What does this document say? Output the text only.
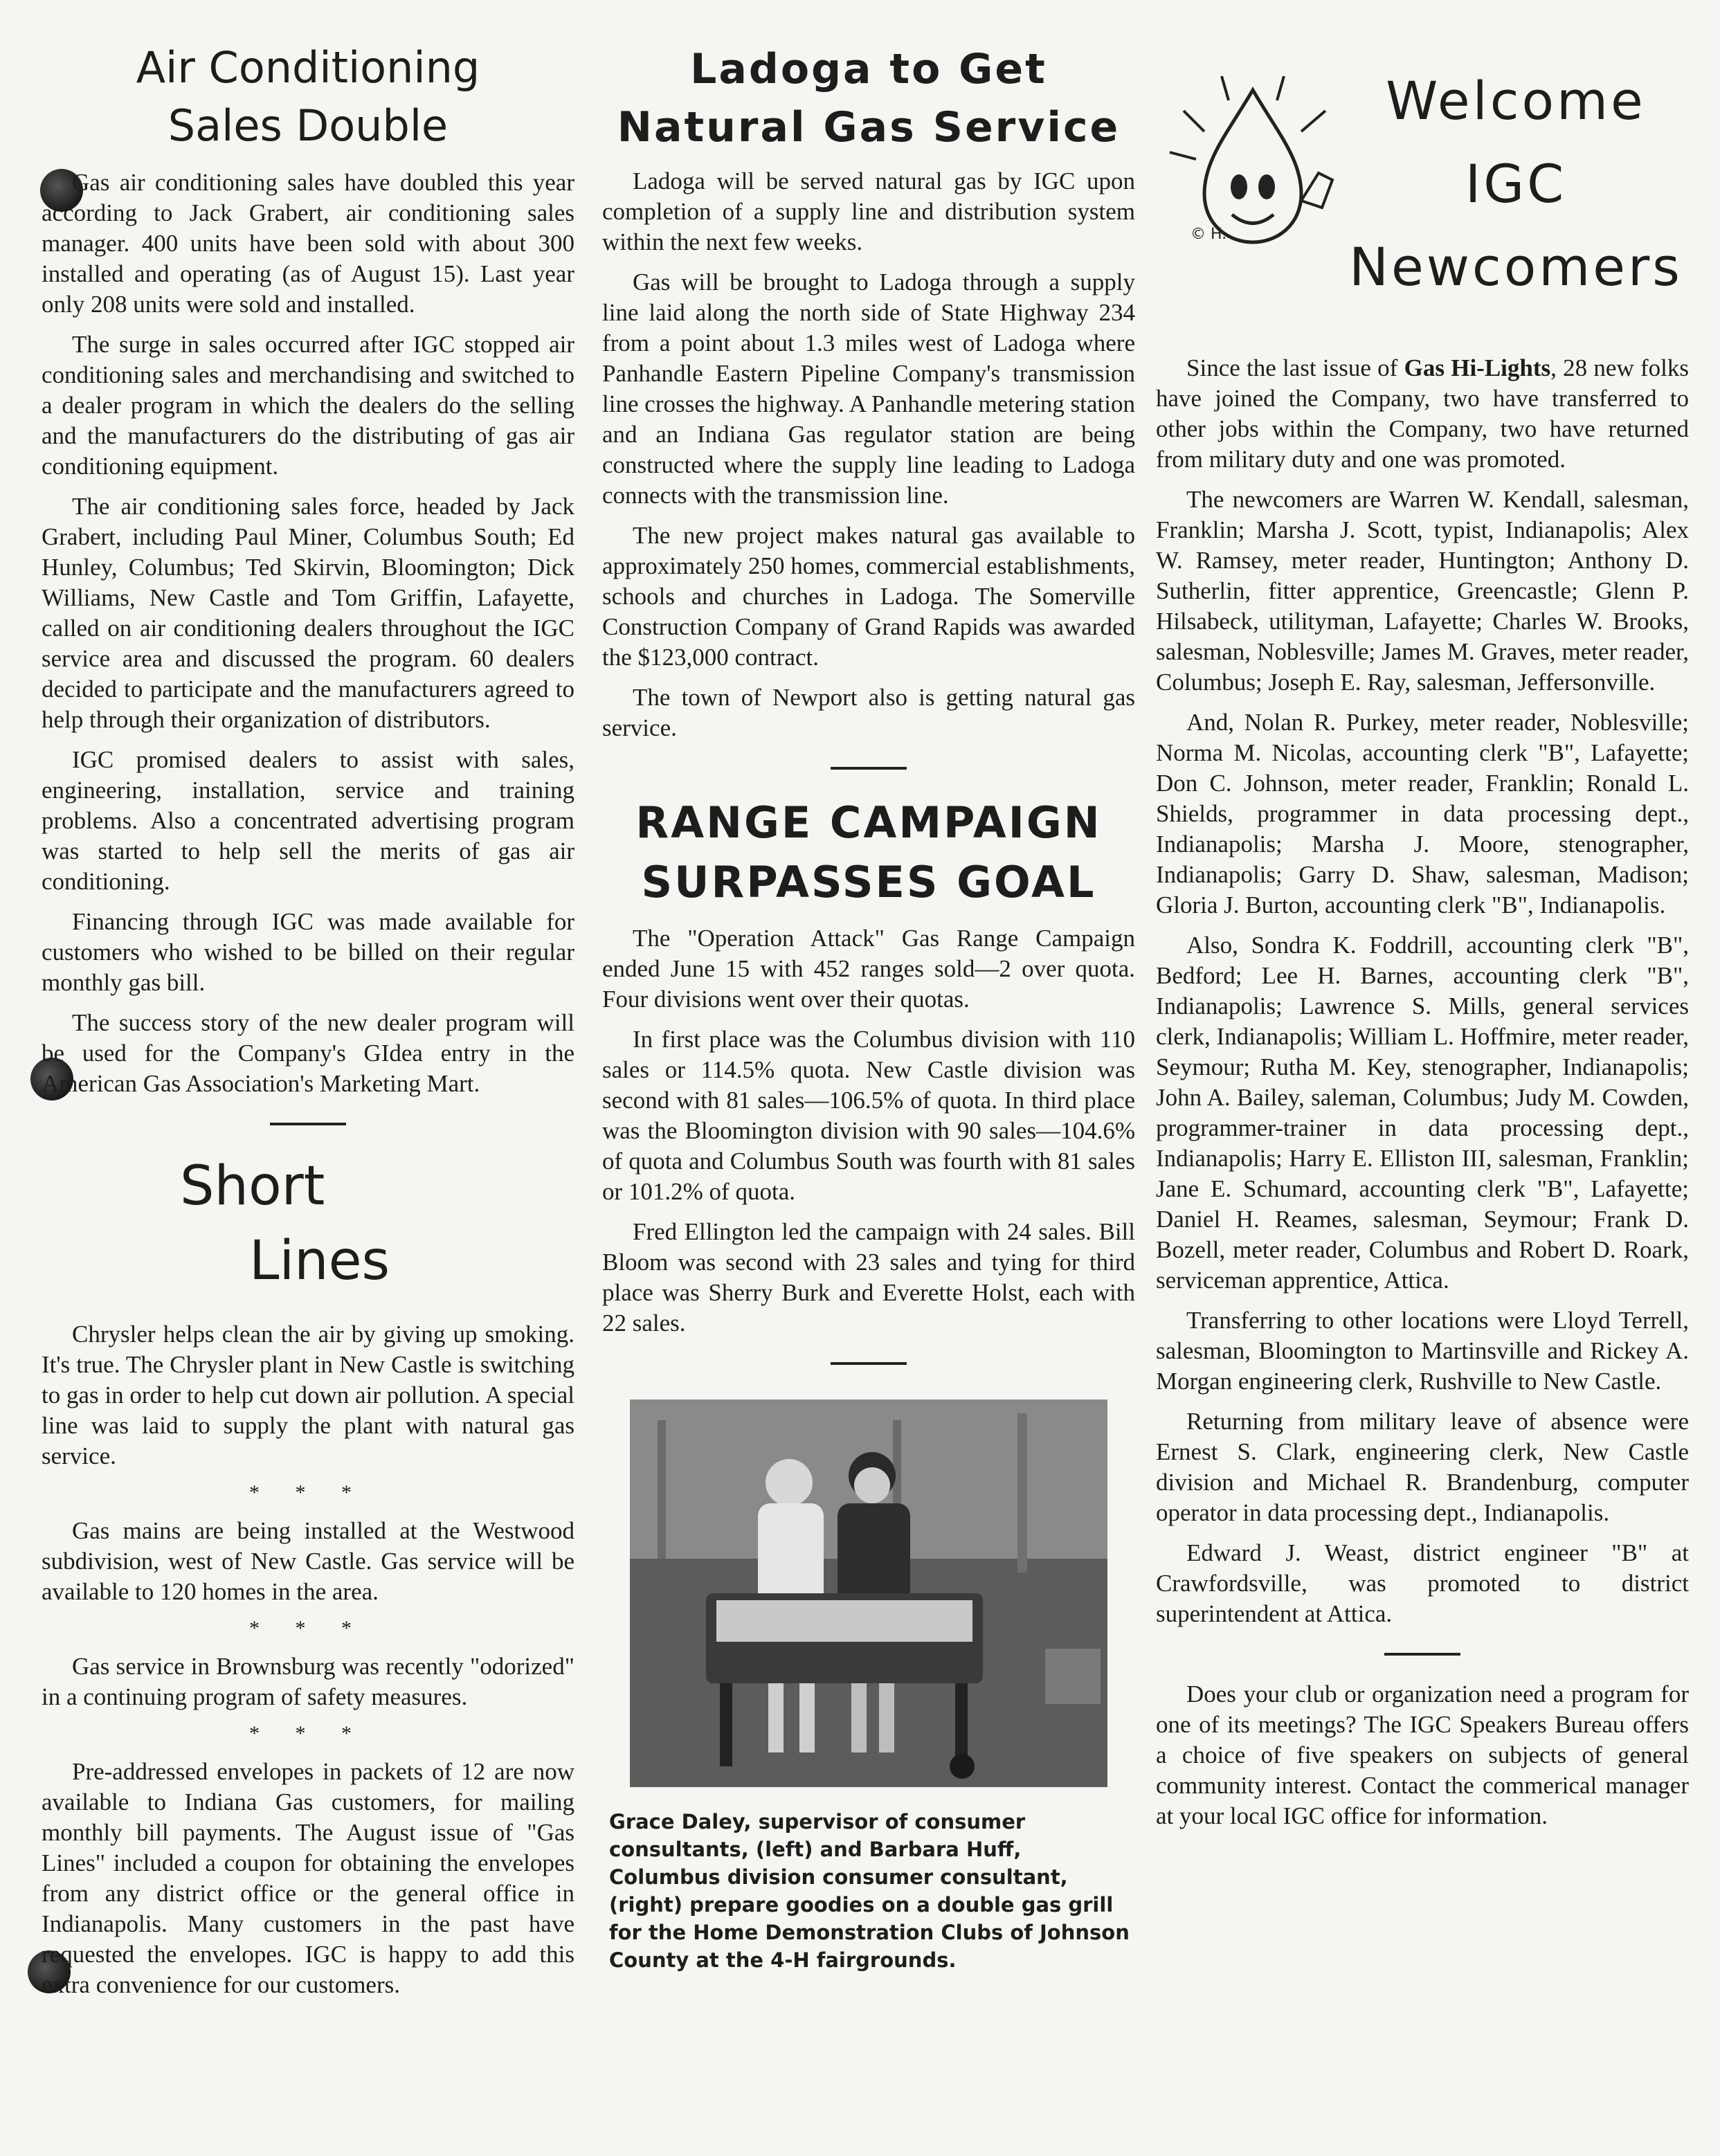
Air Conditioning
Sales Double

Gas air conditioning sales have doubled this year according to Jack Grabert, air conditioning sales manager. 400 units have been sold with about 300 installed and operating (as of August 15). Last year only 208 units were sold and installed.

The surge in sales occurred after IGC stopped air conditioning sales and merchandising and switched to a dealer program in which the dealers do the selling and the manufacturers do the distributing of gas air conditioning equipment.

The air conditioning sales force, headed by Jack Grabert, including Paul Miner, Columbus South; Ed Hunley, Columbus; Ted Skirvin, Bloomington; Dick Williams, New Castle and Tom Griffin, Lafayette, called on air conditioning dealers throughout the IGC service area and discussed the program. 60 dealers decided to participate and the manufacturers agreed to help through their organization of distributors.

IGC promised dealers to assist with sales, engineering, installation, service and training problems. Also a concentrated advertising program was started to help sell the merits of gas air conditioning.

Financing through IGC was made available for customers who wished to be billed on their regular monthly gas bill.

The success story of the new dealer program will be used for the Company's GIdea entry in the American Gas Association's Marketing Mart.

Short
Lines

Chrysler helps clean the air by giving up smoking. It's true. The Chrysler plant in New Castle is switching to gas in order to help cut down air pollution. A special line was laid to supply the plant with natural gas service.

* * *

Gas mains are being installed at the Westwood subdivision, west of New Castle. Gas service will be available to 120 homes in the area.

* * *

Gas service in Brownsburg was recently "odorized" in a continuing program of safety measures.

* * *

Pre-addressed envelopes in packets of 12 are now available to Indiana Gas customers, for mailing monthly bill payments. The August issue of "Gas Lines" included a coupon for obtaining the envelopes from any district office or the general office in Indianapolis. Many customers in the past have requested the envelopes. IGC is happy to add this extra convenience for our customers.

Ladoga to Get
Natural Gas Service

Ladoga will be served natural gas by IGC upon completion of a supply line and distribution system within the next few weeks.

Gas will be brought to Ladoga through a supply line laid along the north side of State Highway 234 from a point about 1.3 miles west of Ladoga where Panhandle Eastern Pipeline Company's transmission line crosses the highway. A Panhandle metering station and an Indiana Gas regulator station are being constructed where the supply line leading to Ladoga connects with the transmission line.

The new project makes natural gas available to approximately 250 homes, commercial establishments, schools and churches in Ladoga. The Somerville Construction Company of Grand Rapids was awarded the $123,000 contract.

The town of Newport also is getting natural gas service.

RANGE CAMPAIGN
SURPASSES GOAL

The "Operation Attack" Gas Range Campaign ended June 15 with 452 ranges sold—2 over quota. Four divisions went over their quotas.

In first place was the Columbus division with 110 sales or 114.5% quota. New Castle division was second with 81 sales—106.5% of quota. In third place was the Bloomington division with 90 sales—104.6% of quota and Columbus South was fourth with 81 sales or 101.2% of quota.

Fred Ellington led the campaign with 24 sales. Bill Bloom was second with 23 sales and tying for third place was Sherry Burk and Everette Holst, each with 22 sales.

Grace Daley, supervisor of consumer consultants, (left) and Barbara Huff, Columbus division consumer consultant, (right) prepare goodies on a double gas grill for the Home Demonstration Clubs of Johnson County at the 4-H fairgrounds.

© H.
Welcome
IGC
Newcomers

Since the last issue of Gas Hi-Lights, 28 new folks have joined the Company, two have transferred to other jobs within the Company, two have returned from military duty and one was promoted.

The newcomers are Warren W. Kendall, salesman, Franklin; Marsha J. Scott, typist, Indianapolis; Alex W. Ramsey, meter reader, Huntington; Anthony D. Sutherlin, fitter apprentice, Greencastle; Glenn P. Hilsabeck, utilityman, Lafayette; Charles W. Brooks, salesman, Noblesville; James M. Graves, meter reader, Columbus; Joseph E. Ray, salesman, Jeffersonville.

And, Nolan R. Purkey, meter reader, Noblesville; Norma M. Nicolas, accounting clerk "B", Lafayette; Don C. Johnson, meter reader, Franklin; Ronald L. Shields, programmer in data processing dept., Indianapolis; Marsha J. Moore, stenographer, Indianapolis; Garry D. Shaw, salesman, Madison; Gloria J. Burton, accounting clerk "B", Indianapolis.

Also, Sondra K. Foddrill, accounting clerk "B", Bedford; Lee H. Barnes, accounting clerk "B", Indianapolis; Lawrence S. Mills, general services clerk, Indianapolis; William L. Hoffmire, meter reader, Seymour; Rutha M. Key, stenographer, Indianapolis; John A. Bailey, saleman, Columbus; Judy M. Cowden, programmer-trainer in data processing dept., Indianapolis; Harry E. Elliston III, salesman, Franklin; Jane E. Schumard, accounting clerk "B", Lafayette; Daniel H. Reames, salesman, Seymour; Frank D. Bozell, meter reader, Columbus and Robert D. Roark, serviceman apprentice, Attica.

Transferring to other locations were Lloyd Terrell, salesman, Bloomington to Martinsville and Rickey A. Morgan engineering clerk, Rushville to New Castle.

Returning from military leave of absence were Ernest S. Clark, engineering clerk, New Castle division and Michael R. Brandenburg, computer operator in data processing dept., Indianapolis.

Edward J. Weast, district engineer "B" at Crawfordsville, was promoted to district superintendent at Attica.

Does your club or organization need a program for one of its meetings? The IGC Speakers Bureau offers a choice of five speakers on subjects of general community interest. Contact the commerical manager at your local IGC office for information.
